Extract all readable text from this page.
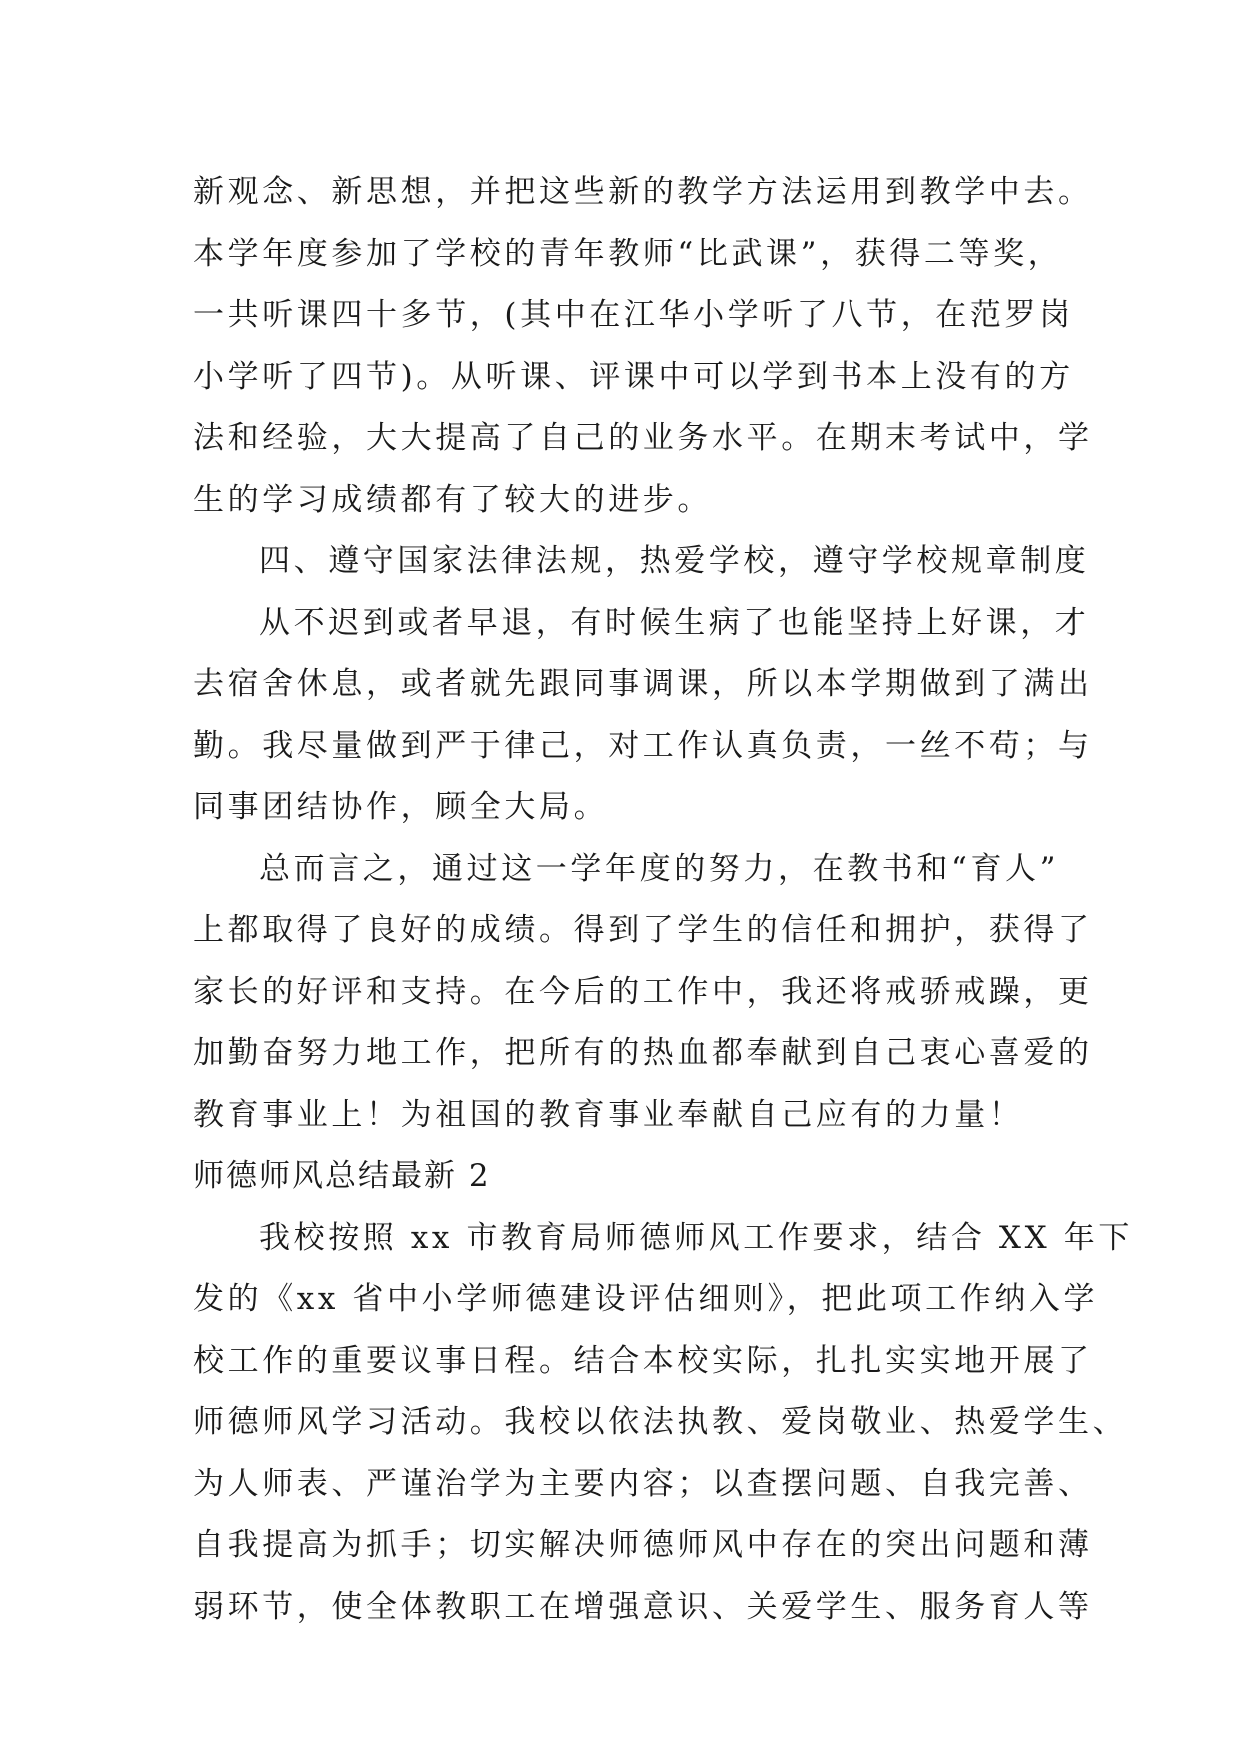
新观念、新思想，并把这些新的教学方法运用到教学中去。
本学年度参加了学校的青年教师“比武课”，获得二等奖，
一共听课四十多节，(其中在江华小学听了八节，在范罗岗
小学听了四节)。从听课、评课中可以学到书本上没有的方
法和经验，大大提高了自己的业务水平。在期末考试中，学
生的学习成绩都有了较大的进步。
四、遵守国家法律法规，热爱学校，遵守学校规章制度
从不迟到或者早退，有时候生病了也能坚持上好课，才
去宿舍休息，或者就先跟同事调课，所以本学期做到了满出
勤。我尽量做到严于律己，对工作认真负责，一丝不苟；与
同事团结协作，顾全大局。
总而言之，通过这一学年度的努力，在教书和“育人”
上都取得了良好的成绩。得到了学生的信任和拥护，获得了
家长的好评和支持。在今后的工作中，我还将戒骄戒躁，更
加勤奋努力地工作，把所有的热血都奉献到自己衷心喜爱的
教育事业上！为祖国的教育事业奉献自己应有的力量！
师德师风总结最新 2
我校按照 xx 市教育局师德师风工作要求，结合 XX 年下
发的《xx 省中小学师德建设评估细则》，把此项工作纳入学
校工作的重要议事日程。结合本校实际，扎扎实实地开展了
师德师风学习活动。我校以依法执教、爱岗敬业、热爱学生、
为人师表、严谨治学为主要内容；以查摆问题、自我完善、
自我提高为抓手；切实解决师德师风中存在的突出问题和薄
弱环节，使全体教职工在增强意识、关爱学生、服务育人等
